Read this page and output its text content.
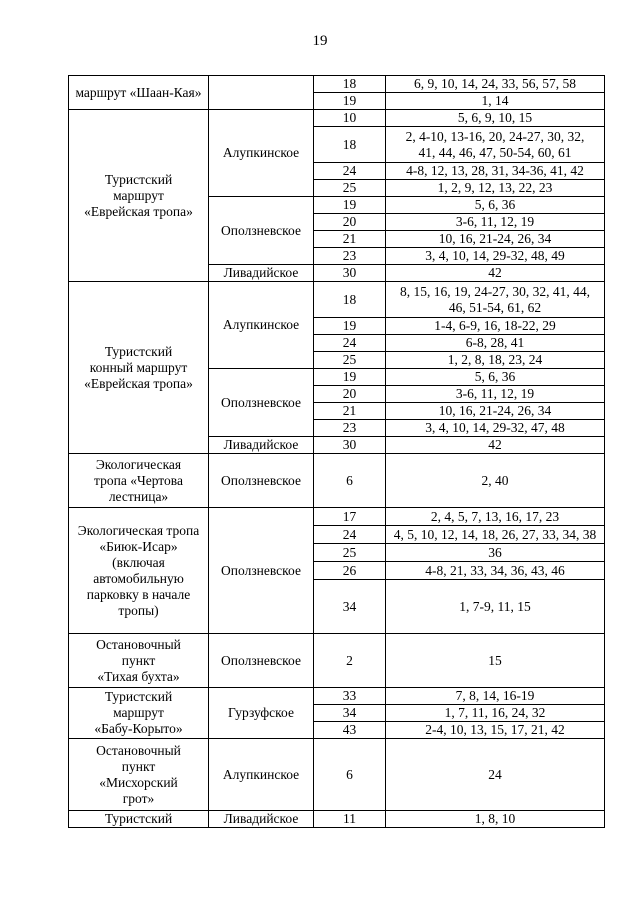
19
маршрут «Шаан-Кая»		18	6, 9, 10, 14, 24, 33, 56, 57, 58
		19	1, 14
Туристский
маршрут
«Еврейская тропа»	Алупкинское	10	5, 6, 9, 10, 15
		18	2, 4-10, 13-16, 20, 24-27, 30, 32,
41, 44, 46, 47, 50-54, 60, 61
		24	4-8, 12, 13, 28, 31, 34-36, 41, 42
		25	1, 2, 9, 12, 13, 22, 23
	Оползневское	19	5, 6, 36
		20	3-6, 11, 12, 19
		21	10, 16, 21-24, 26, 34
		23	3, 4, 10, 14, 29-32, 48, 49
	Ливадийское	30	42
Туристский
конный маршрут
«Еврейская тропа»	Алупкинское	18	8, 15, 16, 19, 24-27, 30, 32, 41, 44,
46, 51-54, 61, 62
		19	1-4, 6-9, 16, 18-22, 29
		24	6-8, 28, 41
		25	1, 2, 8, 18, 23, 24
	Оползневское	19	5, 6, 36
		20	3-6, 11, 12, 19
		21	10, 16, 21-24, 26, 34
		23	3, 4, 10, 14, 29-32, 47, 48
	Ливадийское	30	42
Экологическая
тропа «Чертова
лестница»	Оползневское	6	2, 40
Экологическая тропа «Биюк-Исар» (включая автомобильную парковку в начале тропы)	Оползневское	17	2, 4, 5, 7, 13, 16, 17, 23
		24	4, 5, 10, 12, 14, 18, 26, 27, 33, 34, 38
		25	36
		26	4-8, 21, 33, 34, 36, 43, 46
		34	1, 7-9, 11, 15
Остановочный
пункт
«Тихая бухта»	Оползневское	2	15
Туристский
маршрут
«Бабу-Корыто»	Гурзуфское	33	7, 8, 14, 16-19
		34	1, 7, 11, 16, 24, 32
		43	2-4, 10, 13, 15, 17, 21, 42
Остановочный
пункт
«Мисхорский
грот»	Алупкинское	6	24
Туристский	Ливадийское	11	1, 8, 10
